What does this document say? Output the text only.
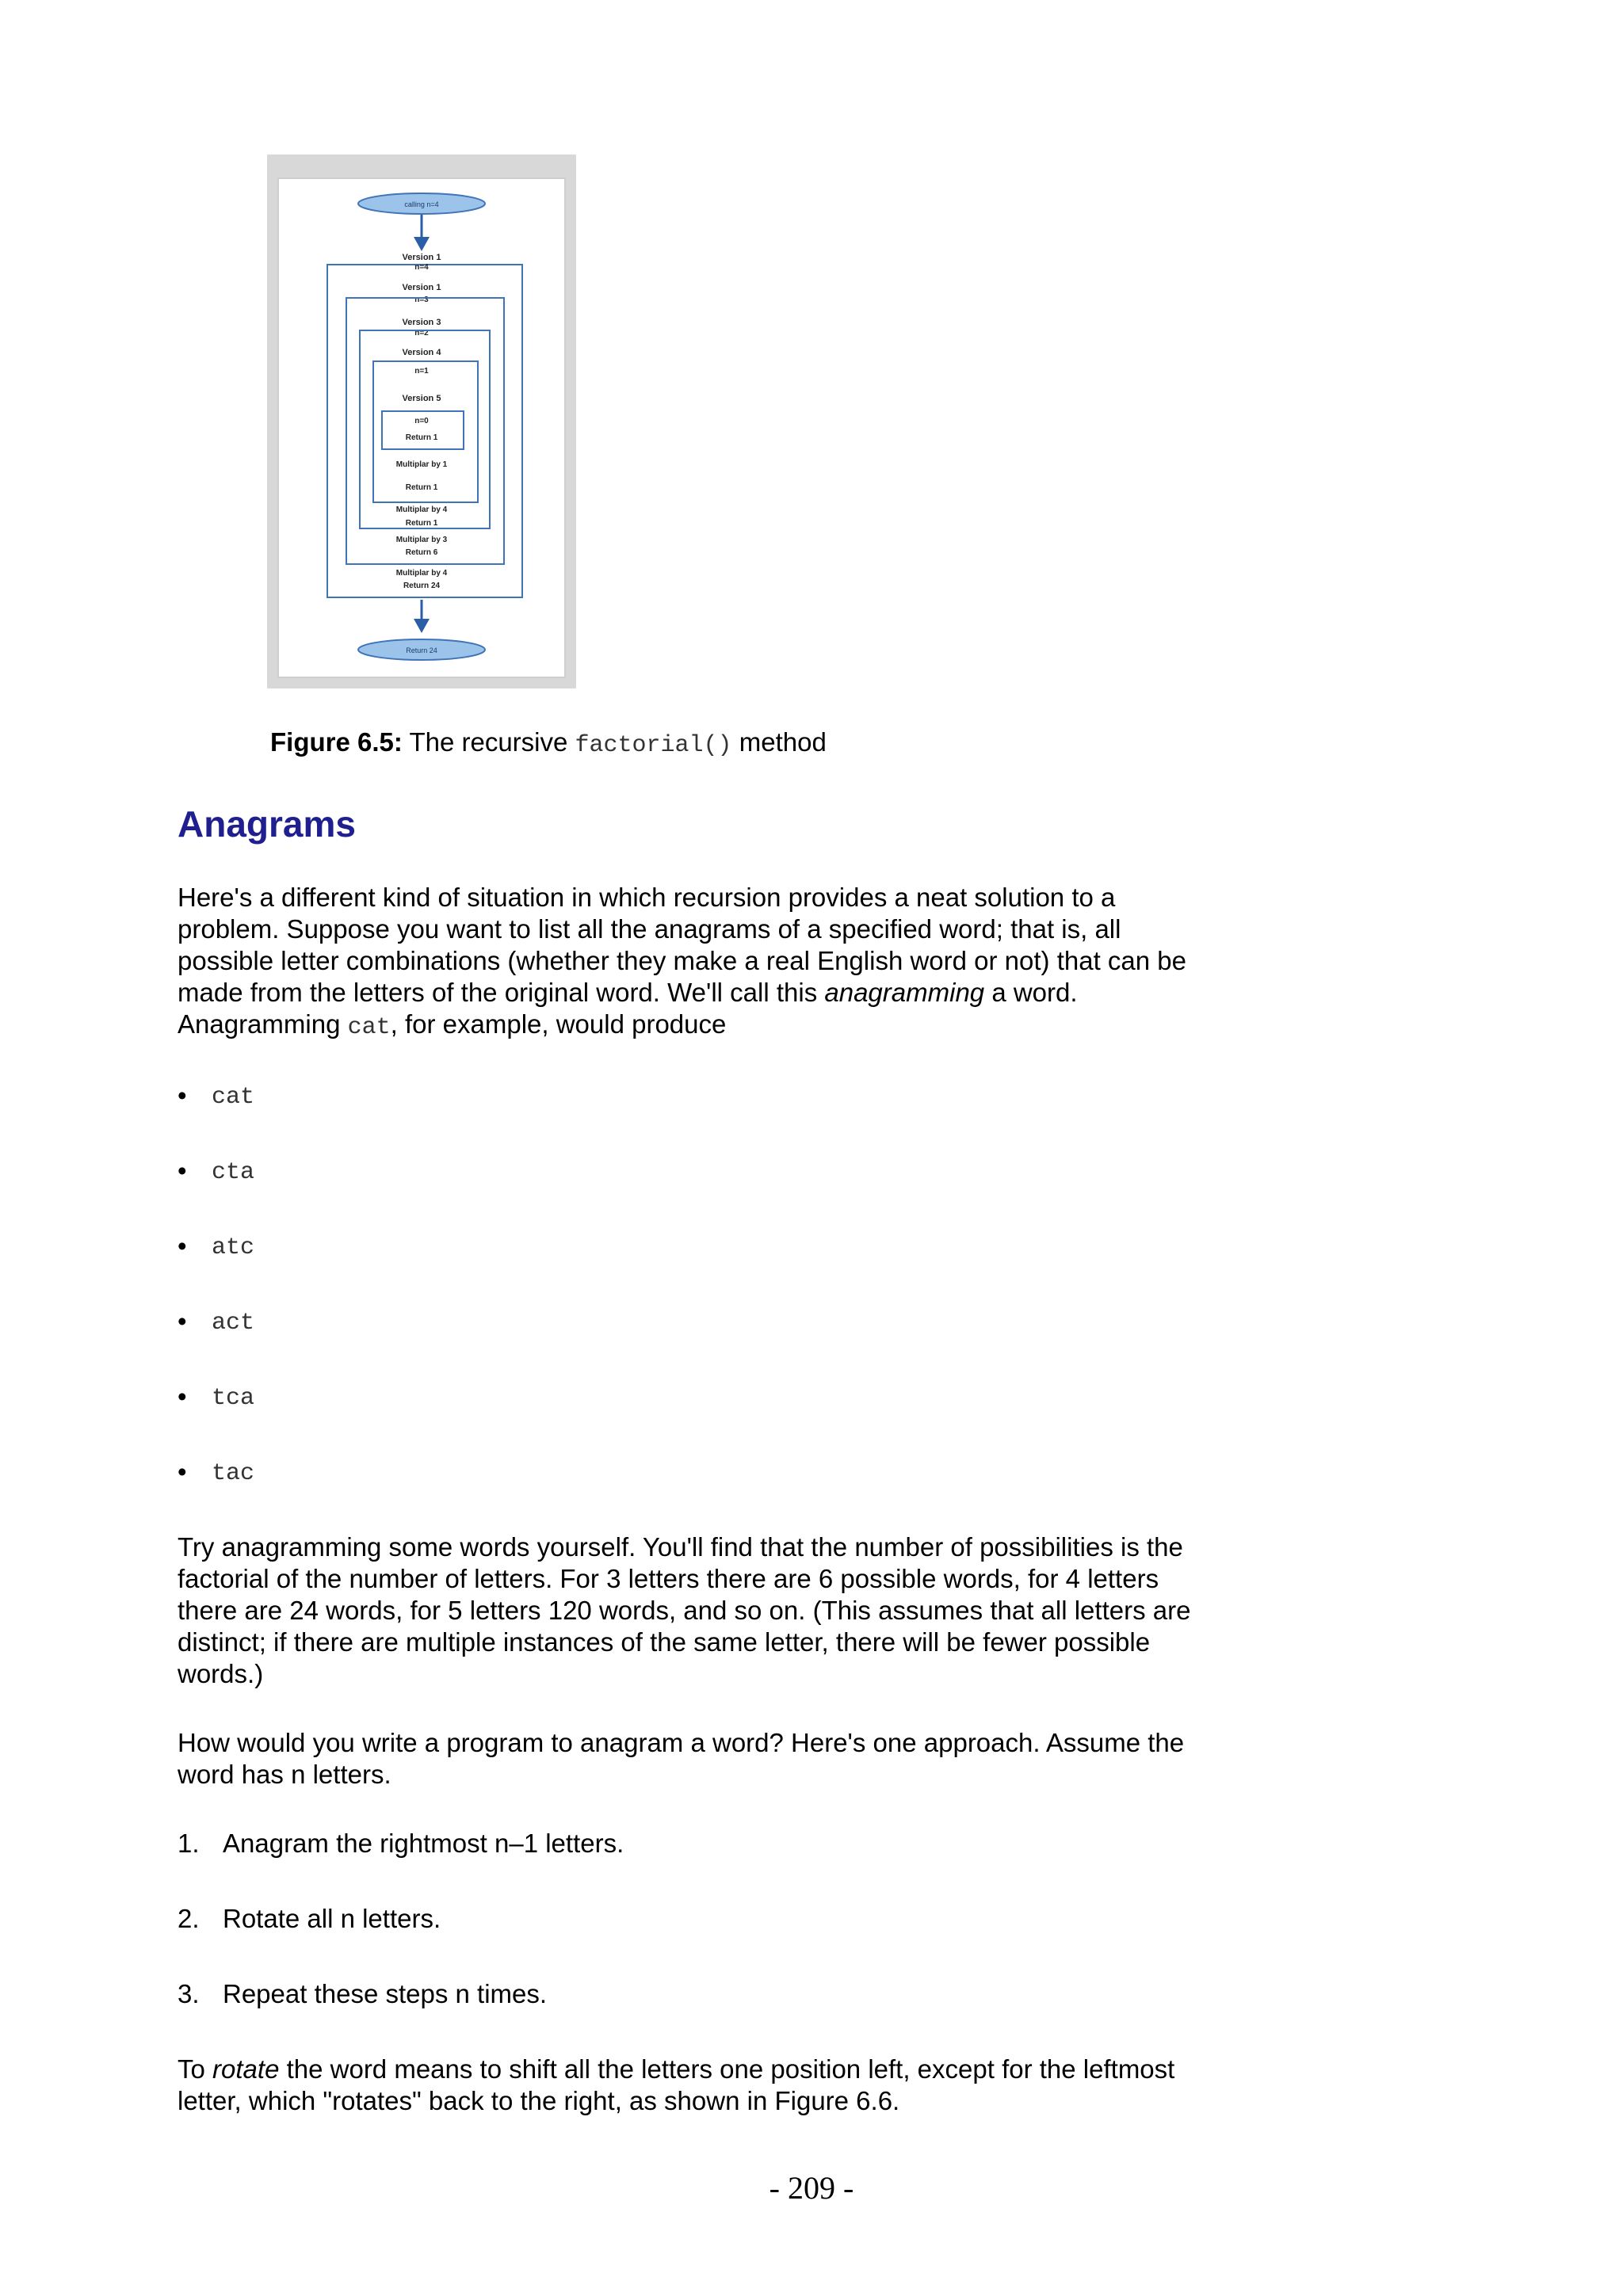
calling n=4
Version 1
n=4
Version 1
n=3
Version 3
n=2
Version 4
n=1
Version 5
n=0
Return 1
Multiplar by 1
Return 1
Multiplar by 4
Return 1
Multiplar by 3
Return 6
Multiplar by 4
Return 24
Return 24
Figure 6.5: The recursive factorial() method
Anagrams
Here's a different kind of situation in which recursion provides a neat solution to a
problem. Suppose you want to list all the anagrams of a specified word; that is, all
possible letter combinations (whether they make a real English word or not) that can be
made from the letters of the original word. We'll call this anagramming a word.
Anagramming cat, for example, would produce
• cat
• cta
• atc
• act
• tca
• tac
Try anagramming some words yourself. You'll find that the number of possibilities is the
factorial of the number of letters. For 3 letters there are 6 possible words, for 4 letters
there are 24 words, for 5 letters 120 words, and so on. (This assumes that all letters are
distinct; if there are multiple instances of the same letter, there will be fewer possible
words.)
How would you write a program to anagram a word? Here's one approach. Assume the
word has n letters.
1. Anagram the rightmost n–1 letters.
2. Rotate all n letters.
3. Repeat these steps n times.
To rotate the word means to shift all the letters one position left, except for the leftmost
letter, which "rotates" back to the right, as shown in Figure 6.6.
- 209 -
